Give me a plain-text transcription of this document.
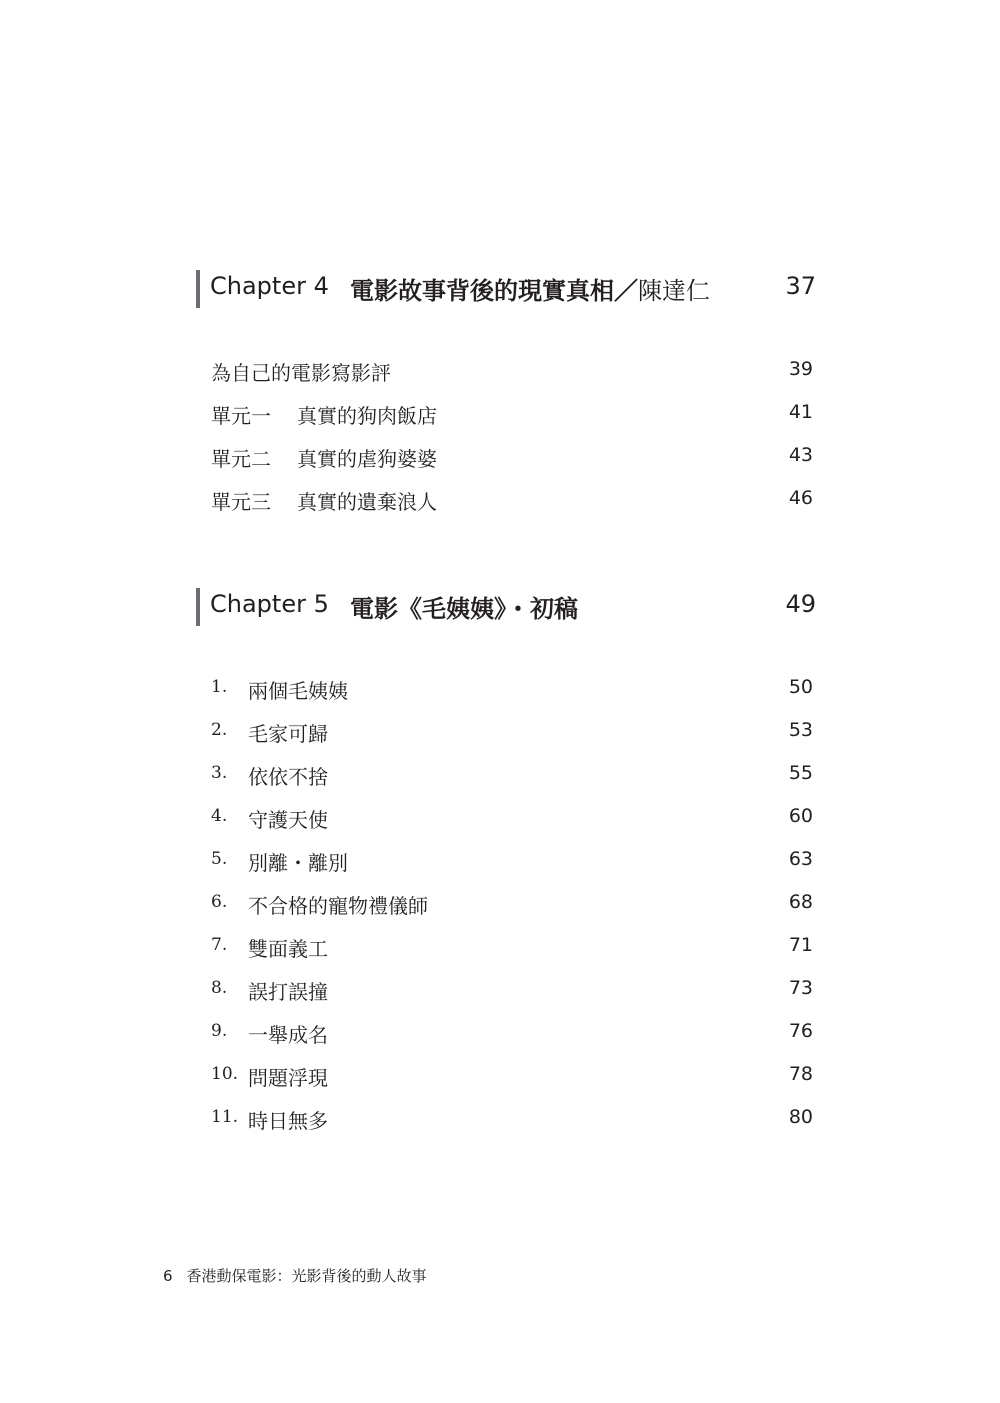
Chapter 4 電影故事背後的現實真相／陳達仁	37
為自己的電影寫影評	39
單元一 真實的狗肉飯店	41
單元二 真實的虐狗婆婆	43
單元三 真實的遺棄浪人	46
Chapter 5 電影《毛姨姨》・初稿	49
1. 兩個毛姨姨	50
2. 毛家可歸	53
3. 依依不捨	55
4. 守護天使	60
5. 別離・離別	63
6. 不合格的寵物禮儀師	68
7. 雙面義工	71
8. 誤打誤撞	73
9. 一舉成名	76
10. 問題浮現	78
11. 時日無多	80
6 香港動保電影：光影背後的動人故事
